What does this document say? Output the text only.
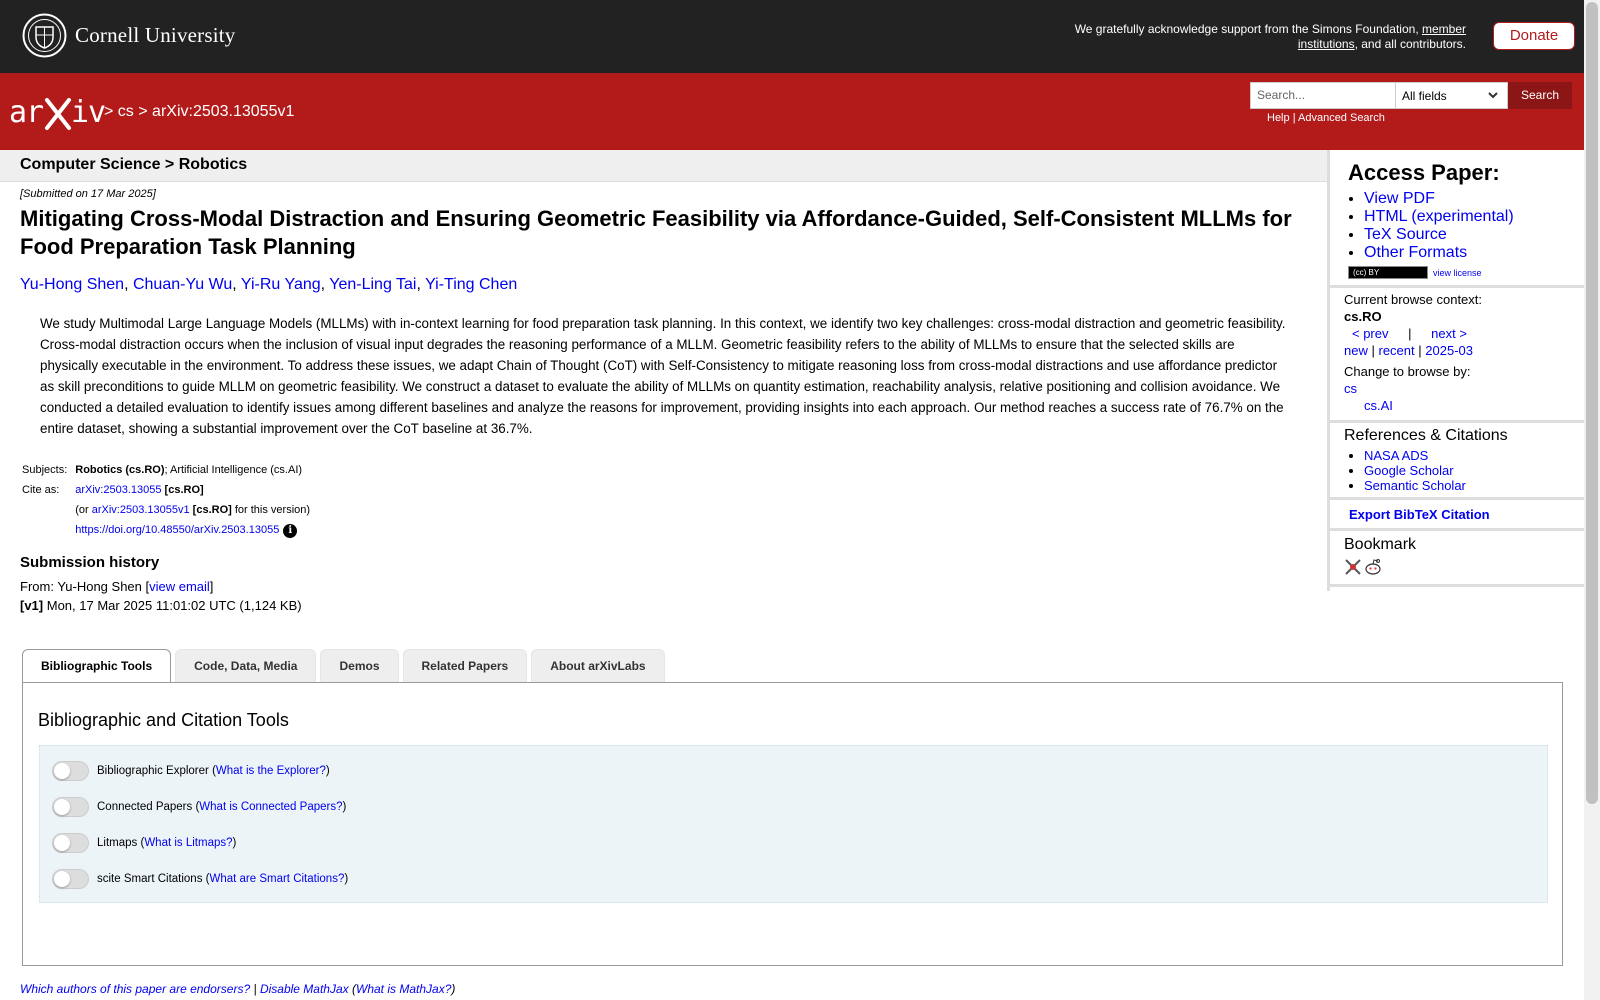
Cornell University	We gratefully acknowledge support from the Simons Foundation, member institutions, and all contributors.	Donate
ar iv
> cs > arXiv:2503.13055v1
Search...	All fields	Search
Help | Advanced Search
Computer Science > Robotics
[Submitted on 17 Mar 2025]
Mitigating Cross-Modal Distraction and Ensuring Geometric Feasibility via Affordance-Guided, Self-Consistent MLLMs for Food Preparation Task Planning
Yu-Hong Shen, Chuan-Yu Wu, Yi-Ru Yang, Yen-Ling Tai, Yi-Ting Chen
We study Multimodal Large Language Models (MLLMs) with in-context learning for food preparation task planning. In this context, we identify two key challenges: cross-modal distraction and geometric feasibility. Cross-modal distraction occurs when the inclusion of visual input degrades the reasoning performance of a MLLM. Geometric feasibility refers to the ability of MLLMs to ensure that the selected skills are physically executable in the environment. To address these issues, we adapt Chain of Thought (CoT) with Self-Consistency to mitigate reasoning loss from cross-modal distractions and use affordance predictor as skill preconditions to guide MLLM on geometric feasibility. We construct a dataset to evaluate the ability of MLLMs on quantity estimation, reachability analysis, relative positioning and collision avoidance. We conducted a detailed evaluation to identify issues among different baselines and analyze the reasons for improvement, providing insights into each approach. Our method reaches a success rate of 76.7% on the entire dataset, showing a substantial improvement over the CoT baseline at 36.7%.
Subjects:	Robotics (cs.RO); Artificial Intelligence (cs.AI)
Cite as:	arXiv:2503.13055 [cs.RO]
(or arXiv:2503.13055v1 [cs.RO] for this version)
https://doi.org/10.48550/arXiv.2503.13055 i
Submission history
From: Yu-Hong Shen [view email]
[v1] Mon, 17 Mar 2025 11:01:02 UTC (1,124 KB)
Access Paper:
• View PDF
• HTML (experimental)
• TeX Source
• Other Formats
(cc) BY	view license
Current browse context:
cs.RO
< prev | next >
new | recent | 2025-03
Change to browse by:
cs
cs.AI
References & Citations
• NASA ADS
• Google Scholar
• Semantic Scholar
Export BibTeX Citation
Bookmark
Bibliographic Tools	Code, Data, Media	Demos	Related Papers	About arXivLabs
Bibliographic and Citation Tools
Bibliographic Explorer ( What is the Explorer? )
Connected Papers ( What is Connected Papers? )
Litmaps ( What is Litmaps? )
scite Smart Citations ( What are Smart Citations? )
Which authors of this paper are endorsers? | Disable MathJax (What is MathJax?)
